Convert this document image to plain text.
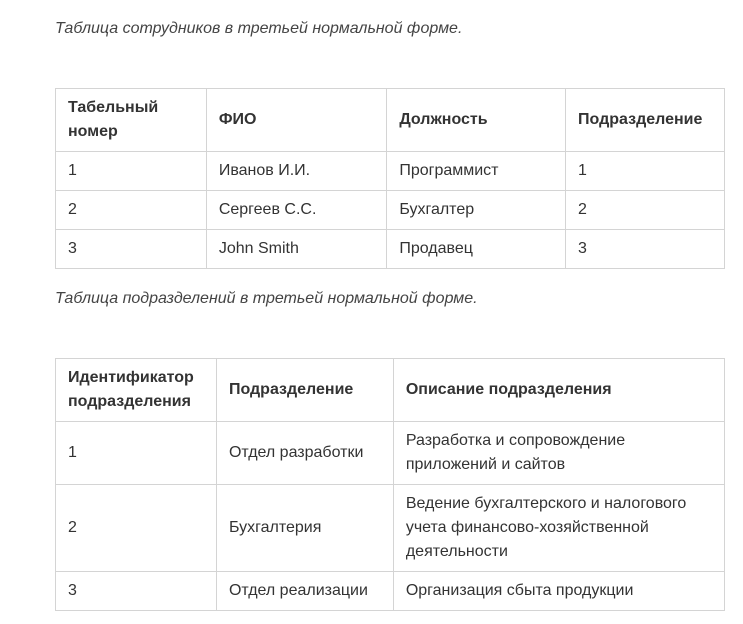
Таблица сотрудников в третьей нормальной форме.

Табельный номер	ФИО	Должность	Подразделение
1	Иванов И.И.	Программист	1
2	Сергеев С.С.	Бухгалтер	2
3	John Smith	Продавец	3

Таблица подразделений в третьей нормальной форме.

Идентификатор подразделения	Подразделение	Описание подразделения
1	Отдел разработки	Разработка и сопровождение приложений и сайтов
2	Бухгалтерия	Ведение бухгалтерского и налогового учета финансово-хозяйственной деятельности
3	Отдел реализации	Организация сбыта продукции
